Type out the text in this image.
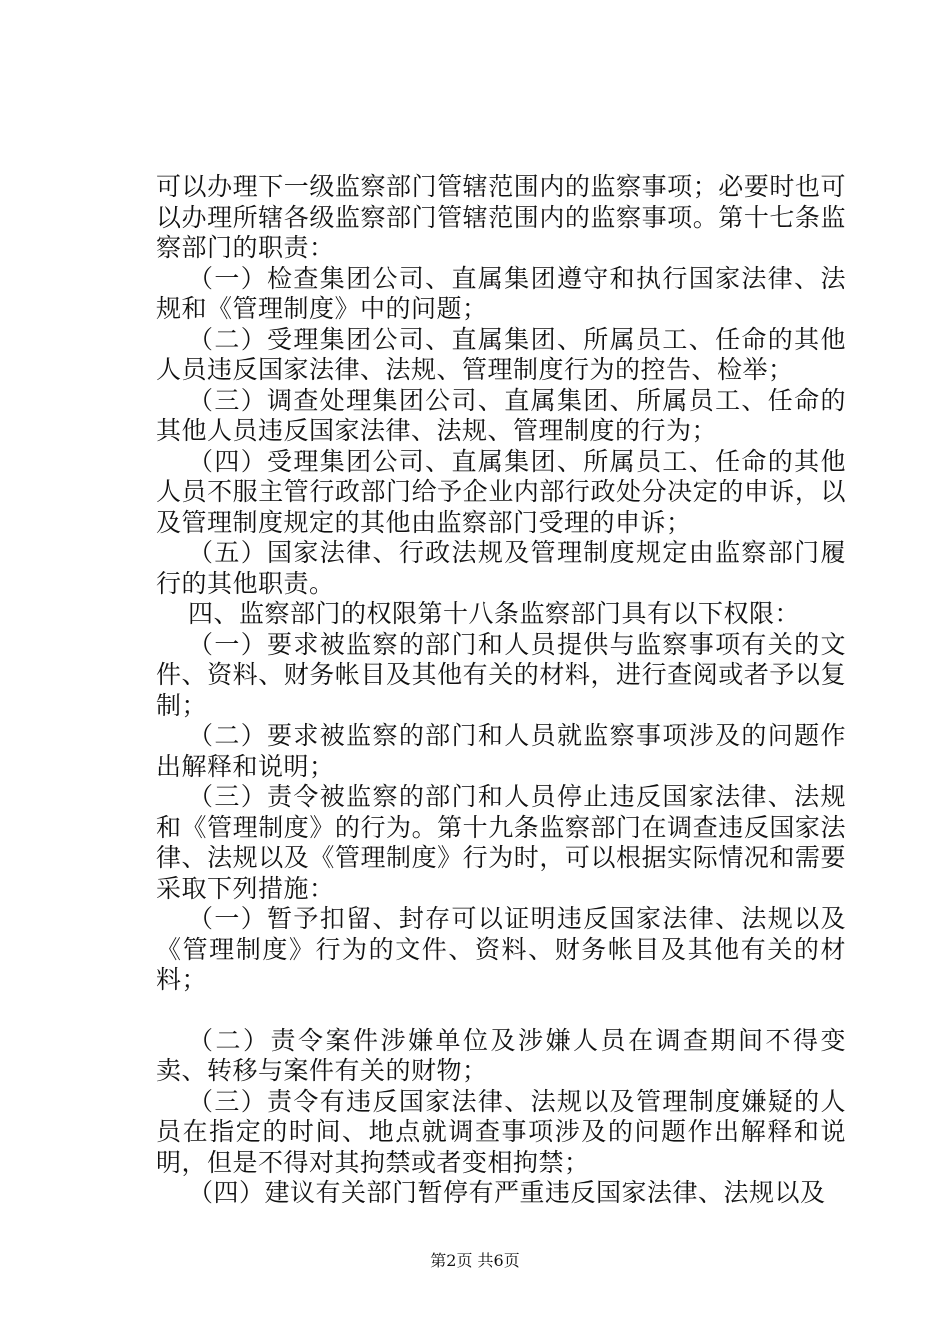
可以办理下一级监察部门管辖范围内的监察事项；必要时也可以办理所辖各级监察部门管辖范围内的监察事项。第十七条监察部门的职责：

（一）检查集团公司、直属集团遵守和执行国家法律、法规和《管理制度》中的问题；

（二）受理集团公司、直属集团、所属员工、任命的其他人员违反国家法律、法规、管理制度行为的控告、检举；

（三）调查处理集团公司、直属集团、所属员工、任命的其他人员违反国家法律、法规、管理制度的行为；

（四）受理集团公司、直属集团、所属员工、任命的其他人员不服主管行政部门给予企业内部行政处分决定的申诉，以及管理制度规定的其他由监察部门受理的申诉；

（五）国家法律、行政法规及管理制度规定由监察部门履行的其他职责。

四、监察部门的权限第十八条监察部门具有以下权限：

（一）要求被监察的部门和人员提供与监察事项有关的文件、资料、财务帐目及其他有关的材料，进行查阅或者予以复制；

（二）要求被监察的部门和人员就监察事项涉及的问题作出解释和说明；

（三）责令被监察的部门和人员停止违反国家法律、法规和《管理制度》的行为。第十九条监察部门在调查违反国家法律、法规以及《管理制度》行为时，可以根据实际情况和需要采取下列措施：

（一）暂予扣留、封存可以证明违反国家法律、法规以及《管理制度》行为的文件、资料、财务帐目及其他有关的材料；

（二）责令案件涉嫌单位及涉嫌人员在调查期间不得变卖、转移与案件有关的财物；

（三）责令有违反国家法律、法规以及管理制度嫌疑的人员在指定的时间、地点就调查事项涉及的问题作出解释和说明，但是不得对其拘禁或者变相拘禁；

（四）建议有关部门暂停有严重违反国家法律、法规以及

第2页 共6页
